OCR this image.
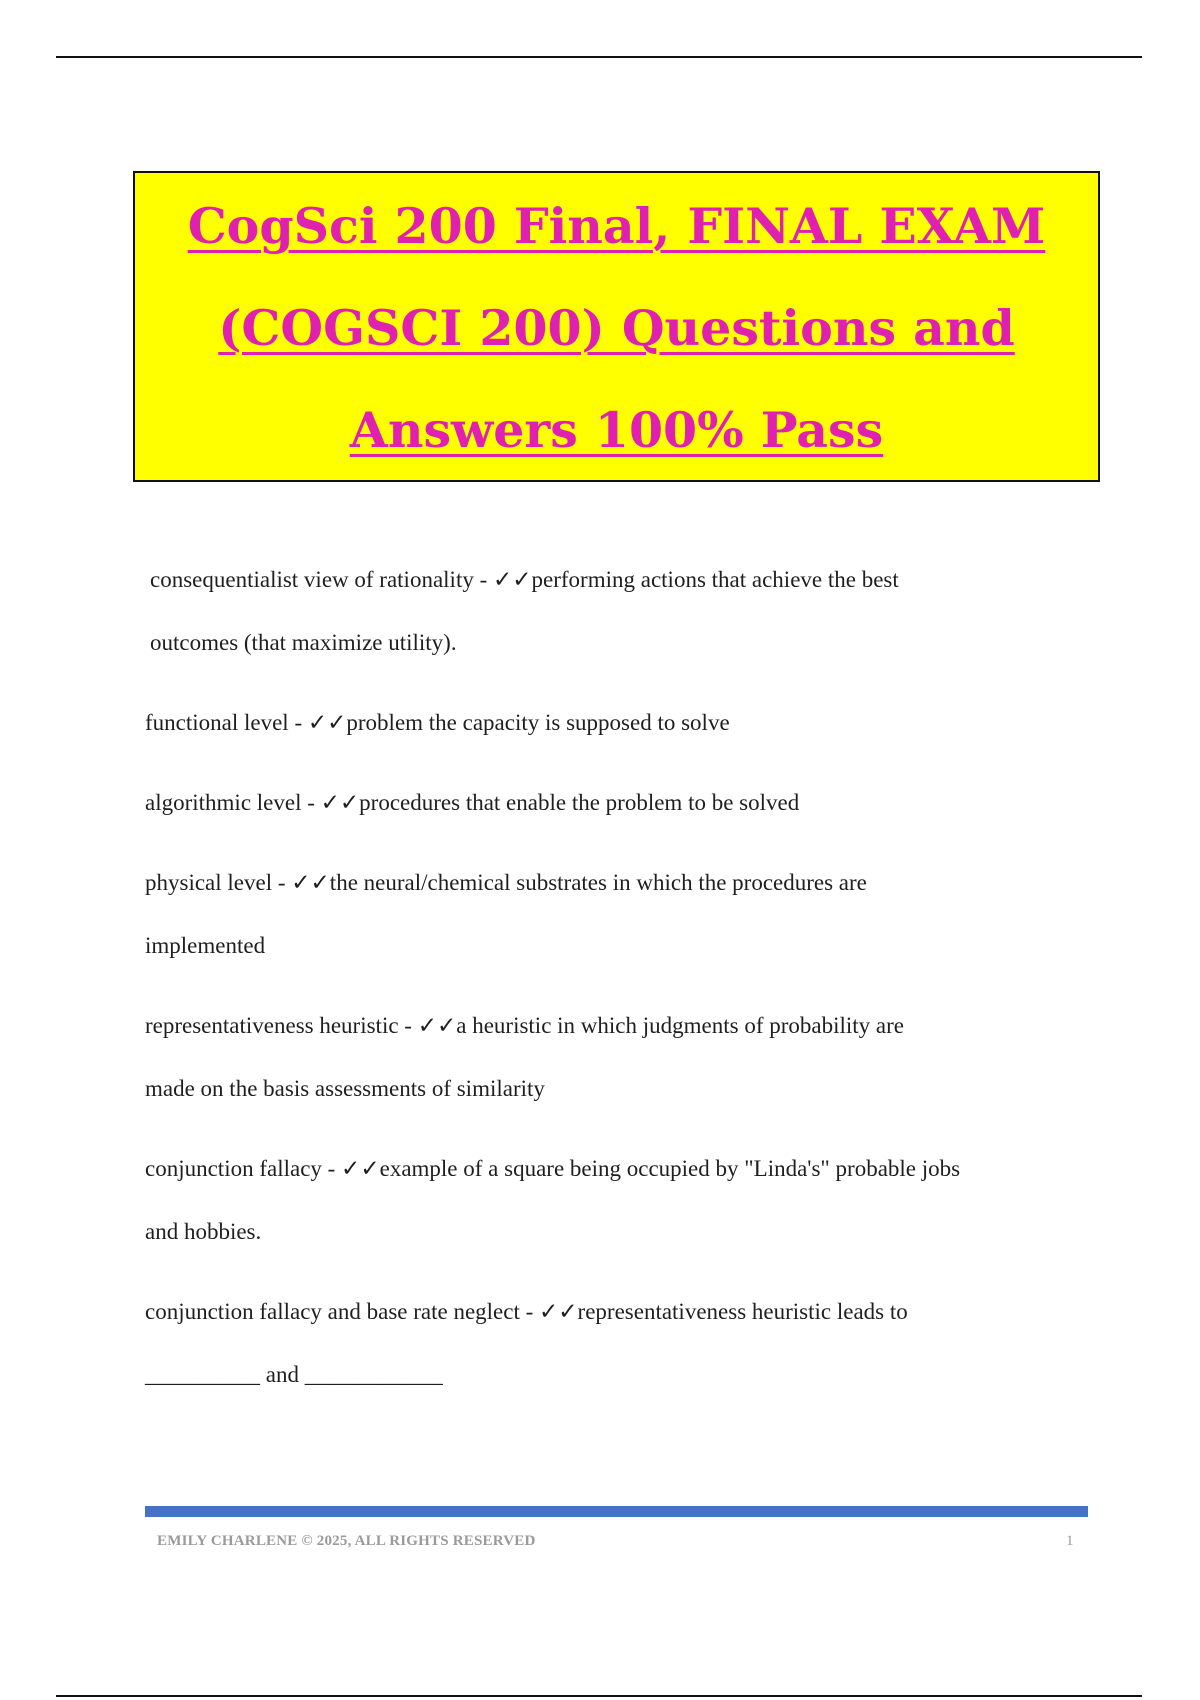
CogSci 200 Final, FINAL EXAM
(COGSCI 200) Questions and
Answers 100% Pass
consequentialist view of rationality - ✓✓performing actions that achieve the best
outcomes (that maximize utility).
functional level - ✓✓problem the capacity is supposed to solve
algorithmic level - ✓✓procedures that enable the problem to be solved
physical level - ✓✓the neural/chemical substrates in which the procedures are
implemented
representativeness heuristic - ✓✓a heuristic in which judgments of probability are
made on the basis assessments of similarity
conjunction fallacy - ✓✓example of a square being occupied by "Linda's" probable jobs
and hobbies.
conjunction fallacy and base rate neglect - ✓✓representativeness heuristic leads to
__________ and ____________
EMILY CHARLENE © 2025, ALL RIGHTS RESERVED	1
